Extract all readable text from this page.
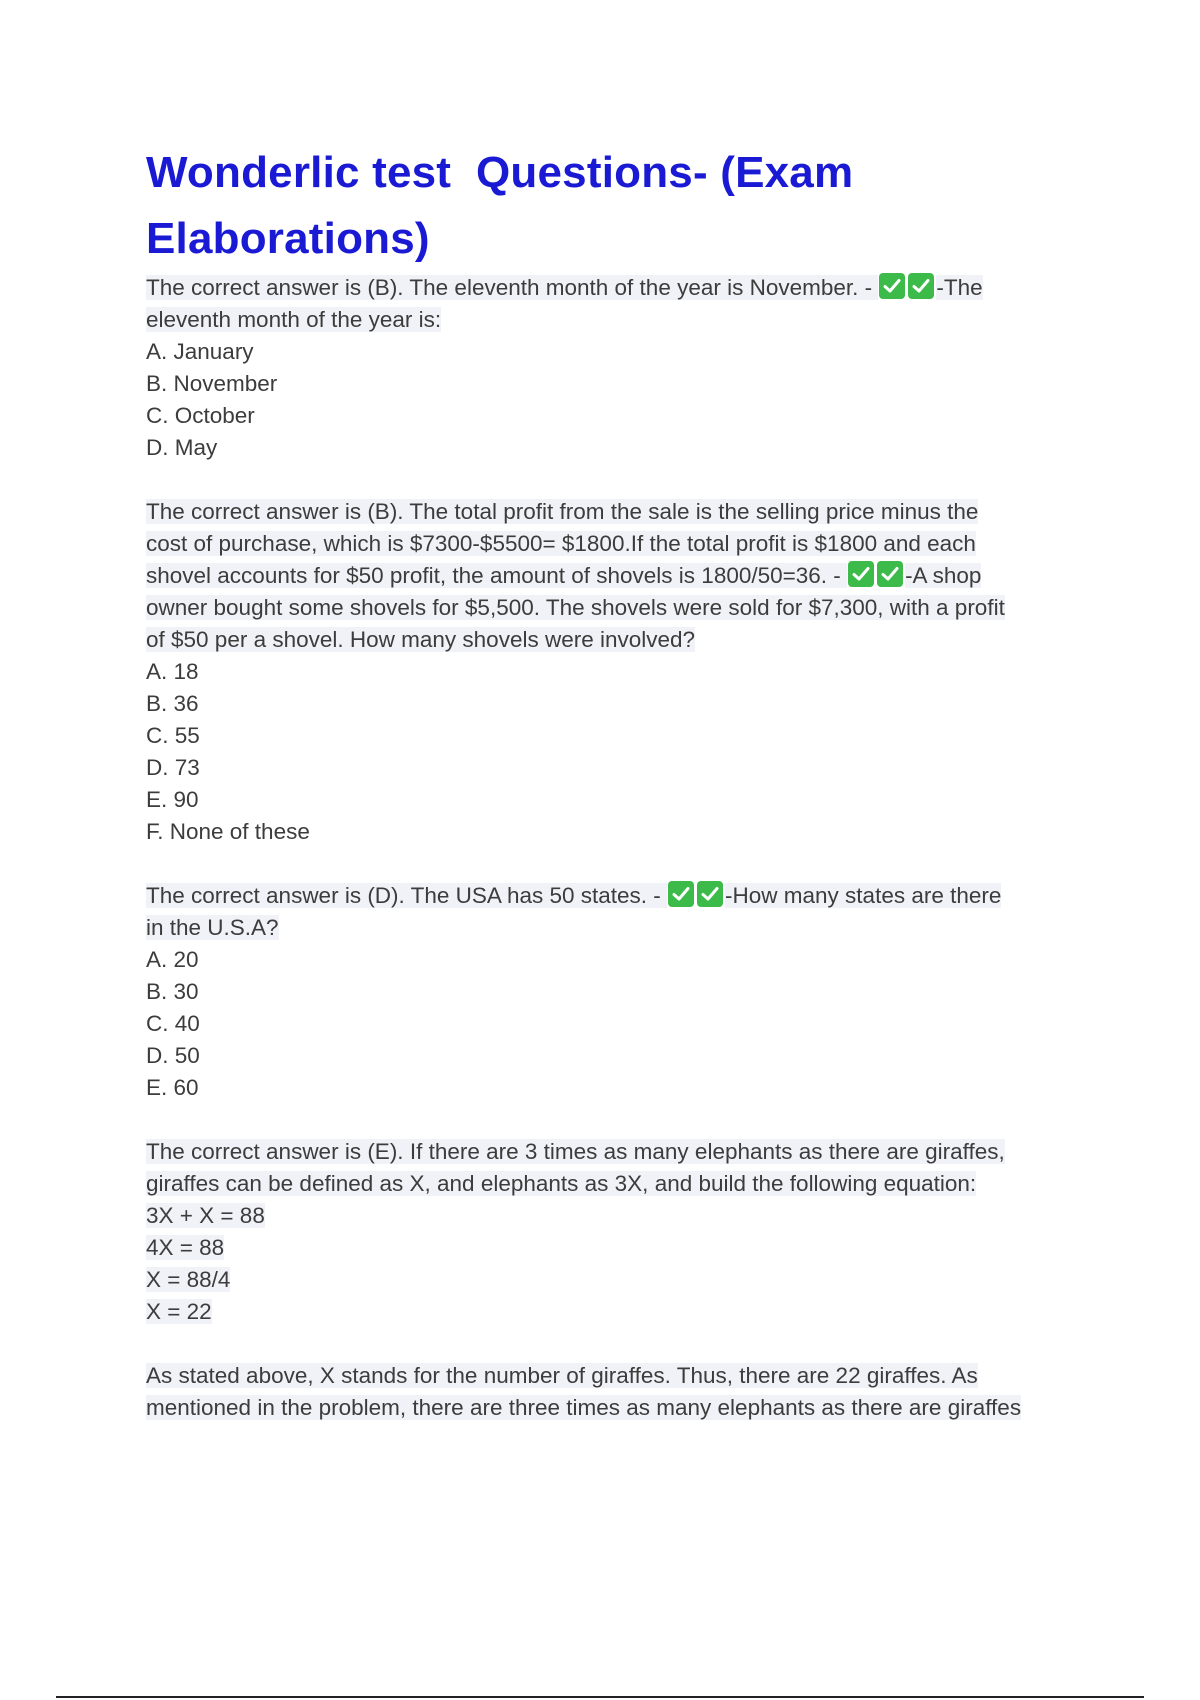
Wonderlic test  Questions- (Exam
Elaborations)
The correct answer is (B). The eleventh month of the year is November. -	-The
eleventh month of the year is:
A. January
B. November
C. October
D. May
The correct answer is (B). The total profit from the sale is the selling price minus the
cost of purchase, which is $7300-$5500= $1800.If the total profit is $1800 and each
shovel accounts for $50 profit, the amount of shovels is 1800/50=36. -	-A shop
owner bought some shovels for $5,500. The shovels were sold for $7,300, with a profit
of $50 per a shovel. How many shovels were involved?
A. 18
B. 36
C. 55
D. 73
E. 90
F. None of these
The correct answer is (D). The USA has 50 states. -	-How many states are there
in the U.S.A?
A. 20
B. 30
C. 40
D. 50
E. 60
The correct answer is (E). If there are 3 times as many elephants as there are giraffes,
giraffes can be defined as X, and elephants as 3X, and build the following equation:
3X + X = 88
4X = 88
X = 88/4
X = 22
As stated above, X stands for the number of giraffes. Thus, there are 22 giraffes. As
mentioned in the problem, there are three times as many elephants as there are giraffes
